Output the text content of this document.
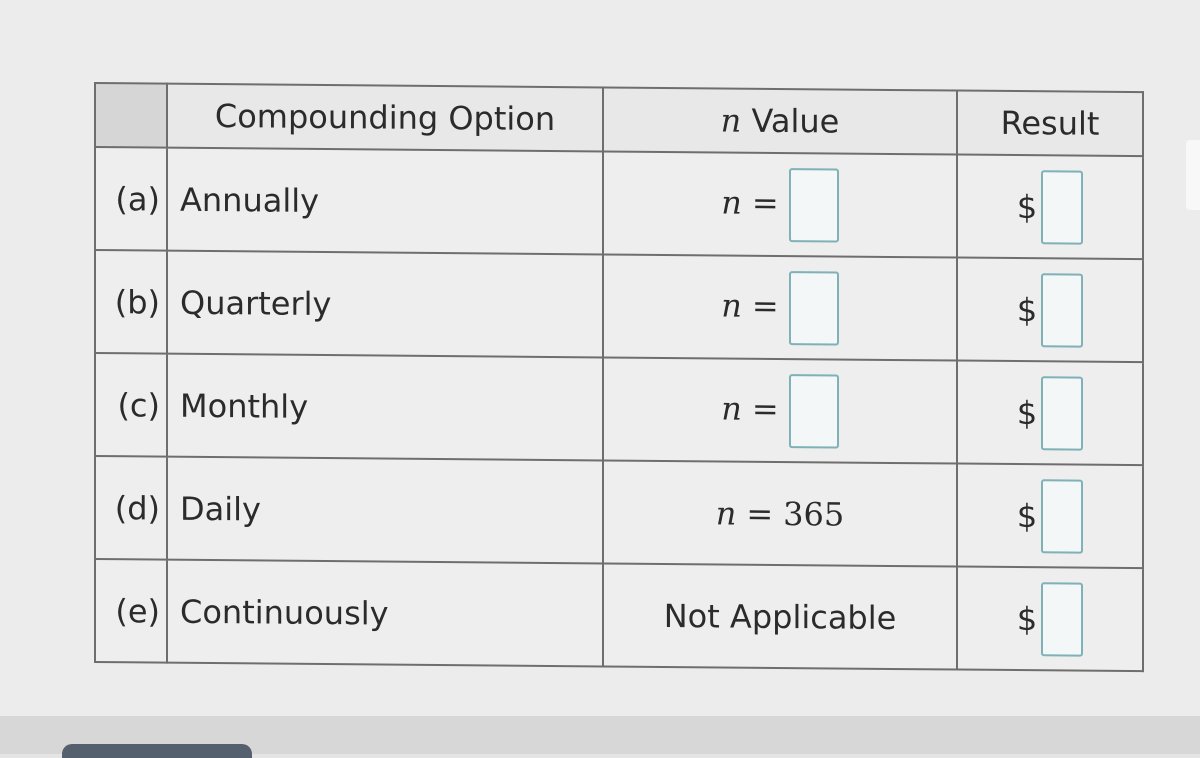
	Compounding Option	n Value	Result
(a)	Annually	n =	$
(b)	Quarterly	n =	$
(c)	Monthly	n =	$
(d)	Daily	n = 365	$
(e)	Continuously	Not Applicable	$
